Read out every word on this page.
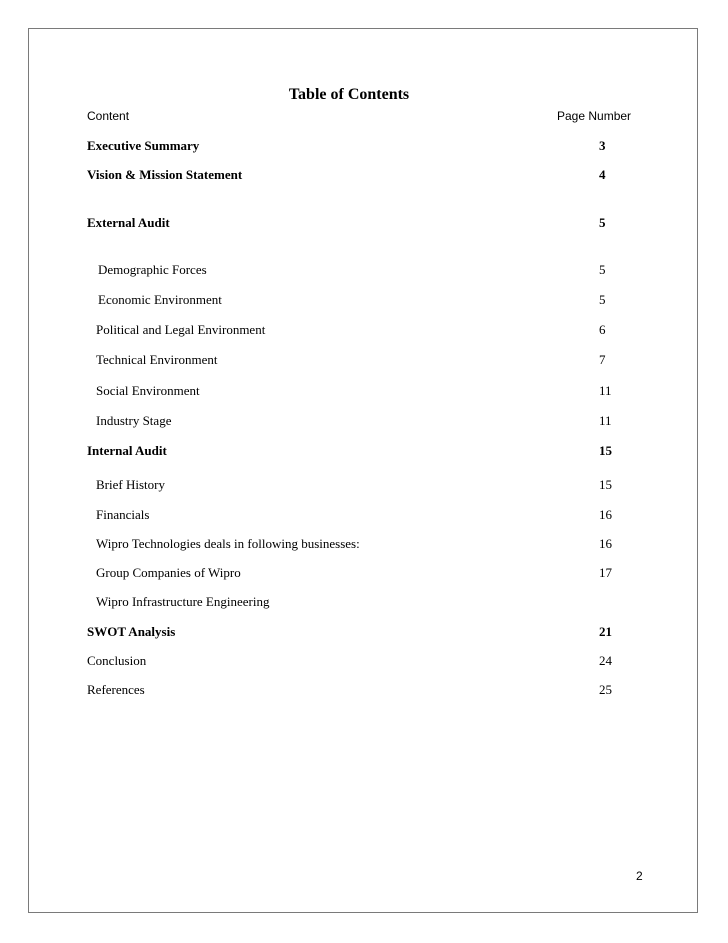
Table of Contents
Content	Page Number
Executive Summary	3
Vision & Mission Statement	4
External Audit	5
Demographic Forces	5
Economic Environment	5
Political and Legal Environment	6
Technical Environment	7
Social Environment	11
Industry Stage	11
Internal Audit	15
Brief History	15
Financials	16
Wipro Technologies deals in following businesses:	16
Group Companies of Wipro	17
Wipro Infrastructure Engineering
SWOT Analysis	21
Conclusion	24
References	25
2
